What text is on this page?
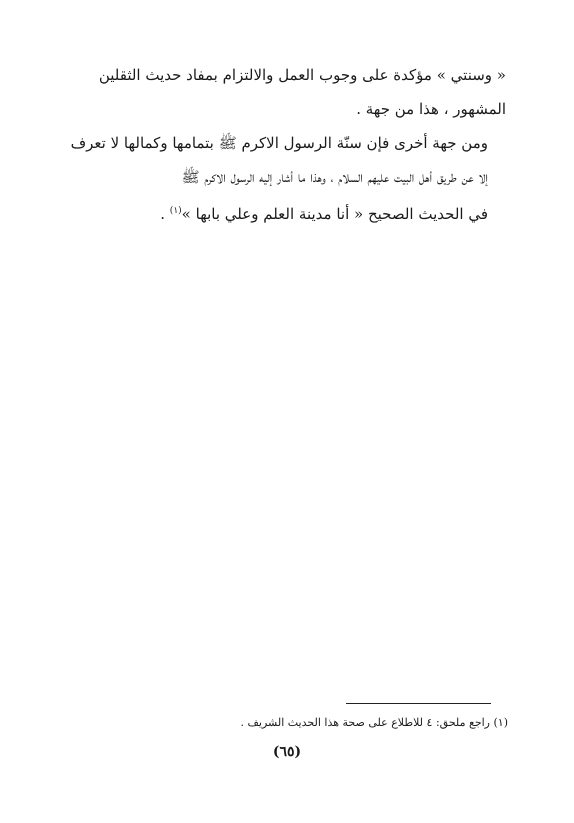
« وسنتي » مؤكدة على وجوب العمل والالتزام بمفاد حديث الثقلين
المشهور ، هذا من جهة .

ومن جهة أخرى فإن سنّة الرسول الاكرم ﷺ بتمامها وكمالها لا تعرف
إلا عن طريق أهل البيت عليهم السلام ، وهذا ما أشار إليه الرسول الاكرم ﷺ
في الحديث الصحيح « أنا مدينة العلم وعلي بابها »$^{(١)}$ .

(١) راجع ملحق: ٤ للاطلاع على صحة هذا الحديث الشريف .
(٦٥)
